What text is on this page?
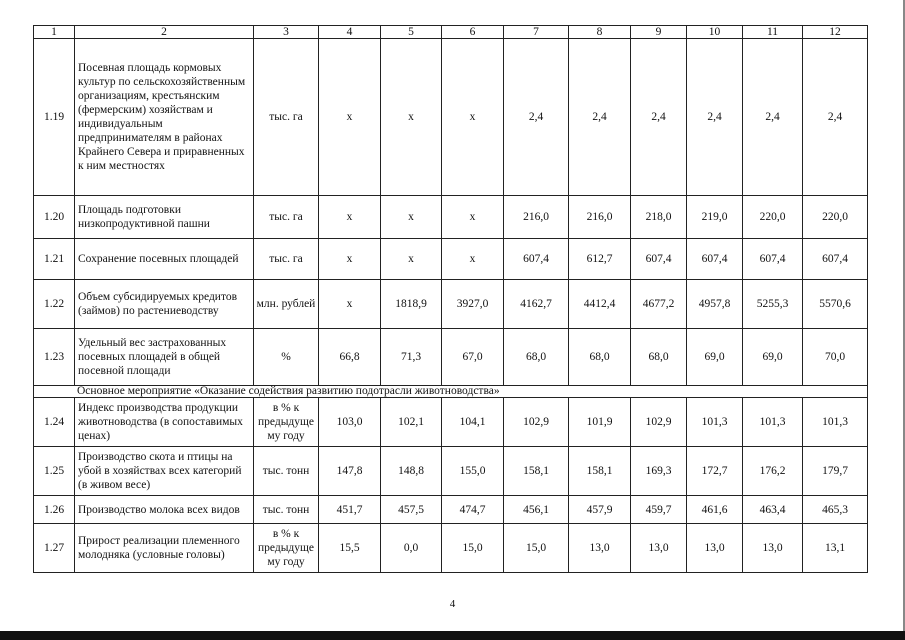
1	2	3	4	5	6	7	8	9	10	11	12
1.19	Посевная площадь кормовых культур по сельскохозяйственным организациям, крестьянским (фермерским) хозяйствам и индивидуальным предпринимателям в районах Крайнего Севера и приравненных к ним местностях	тыс. га	х	х	х	2,4	2,4	2,4	2,4	2,4	2,4
1.20	Площадь подготовки низкопродуктивной пашни	тыс. га	х	х	х	216,0	216,0	218,0	219,0	220,0	220,0
1.21	Сохранение посевных площадей	тыс. га	х	х	х	607,4	612,7	607,4	607,4	607,4	607,4
1.22	Объем субсидируемых кредитов (займов) по растениеводству	млн. рублей	х	1818,9	3927,0	4162,7	4412,4	4677,2	4957,8	5255,3	5570,6
1.23	Удельный вес застрахованных посевных площадей в общей посевной площади	%	66,8	71,3	67,0	68,0	68,0	68,0	69,0	69,0	70,0
Основное мероприятие «Оказание содействия развитию подотрасли животноводства»											
1.24	Индекс производства продукции животноводства (в сопоставимых ценах)	в % к предыдуще му году	103,0	102,1	104,1	102,9	101,9	102,9	101,3	101,3	101,3
1.25	Производство скота и птицы на убой в хозяйствах всех категорий (в живом весе)	тыс. тонн	147,8	148,8	155,0	158,1	158,1	169,3	172,7	176,2	179,7
1.26	Производство молока всех видов	тыс. тонн	451,7	457,5	474,7	456,1	457,9	459,7	461,6	463,4	465,3
1.27	Прирост реализации племенного молодняка (условные головы)	в % к предыдуще му году	15,5	0,0	15,0	15,0	13,0	13,0	13,0	13,0	13,1
4
